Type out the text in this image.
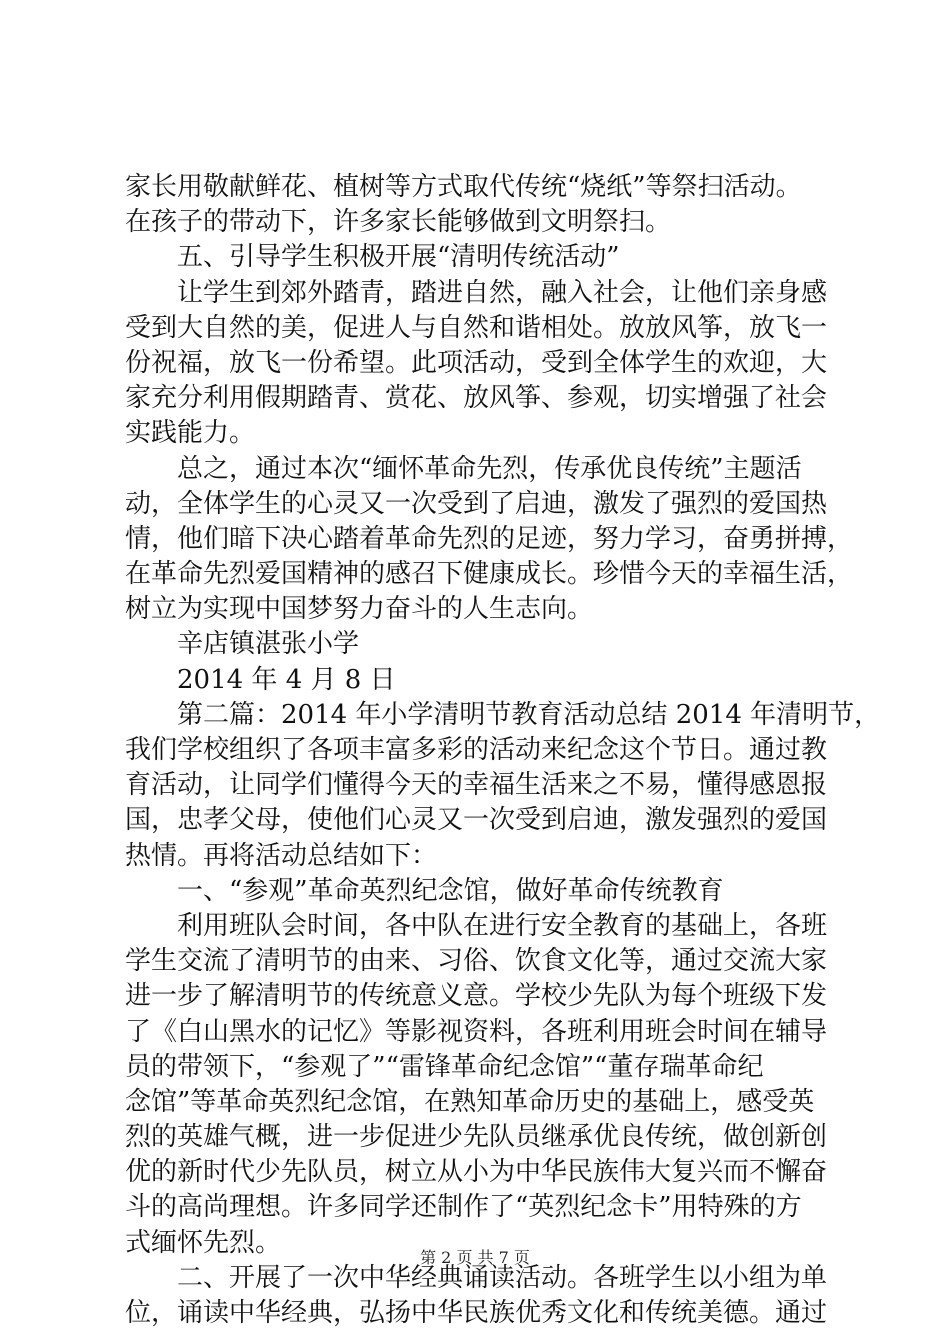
家长用敬献鲜花、植树等方式取代传统“烧纸”等祭扫活动。
在孩子的带动下，许多家长能够做到文明祭扫。
五、引导学生积极开展“清明传统活动”
让学生到郊外踏青，踏进自然，融入社会，让他们亲身感
受到大自然的美，促进人与自然和谐相处。放放风筝，放飞一
份祝福，放飞一份希望。此项活动，受到全体学生的欢迎，大
家充分利用假期踏青、赏花、放风筝、参观，切实增强了社会
实践能力。
总之，通过本次“缅怀革命先烈，传承优良传统”主题活
动，全体学生的心灵又一次受到了启迪，激发了强烈的爱国热
情，他们暗下决心踏着革命先烈的足迹，努力学习，奋勇拼搏，
在革命先烈爱国精神的感召下健康成长。珍惜今天的幸福生活，
树立为实现中国梦努力奋斗的人生志向。
辛店镇湛张小学
2014 年 4 月 8 日
第二篇：2014 年小学清明节教育活动总结 2014 年清明节，
我们学校组织了各项丰富多彩的活动来纪念这个节日。通过教
育活动，让同学们懂得今天的幸福生活来之不易，懂得感恩报
国，忠孝父母，使他们心灵又一次受到启迪，激发强烈的爱国
热情。再将活动总结如下：
一、“参观”革命英烈纪念馆，做好革命传统教育
利用班队会时间，各中队在进行安全教育的基础上，各班
学生交流了清明节的由来、习俗、饮食文化等，通过交流大家
进一步了解清明节的传统意义意。学校少先队为每个班级下发
了《白山黑水的记忆》等影视资料，各班利用班会时间在辅导
员的带领下，“参观了”“雷锋革命纪念馆”“董存瑞革命纪
念馆”等革命英烈纪念馆，在熟知革命历史的基础上，感受英
烈的英雄气概，进一步促进少先队员继承优良传统，做创新创
优的新时代少先队员，树立从小为中华民族伟大复兴而不懈奋
斗的高尚理想。许多同学还制作了“英烈纪念卡”用特殊的方
式缅怀先烈。
二、开展了一次中华经典诵读活动。各班学生以小组为单
位，诵读中华经典，弘扬中华民族优秀文化和传统美德。通过
第 2 页 共 7 页
